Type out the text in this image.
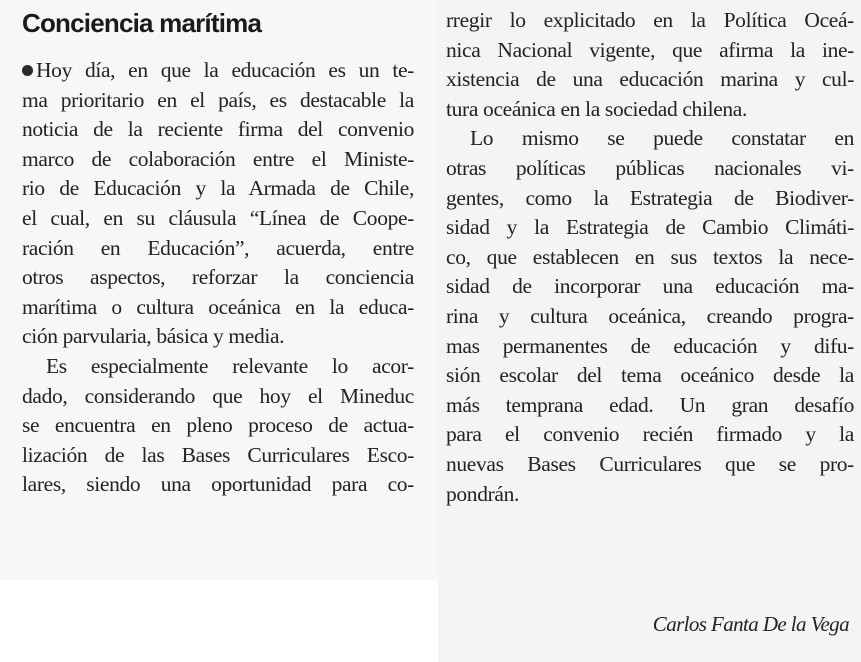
Conciencia marítima
Hoy día, en que la educación es un te-
ma prioritario en el país, es destacable la
noticia de la reciente firma del convenio
marco de colaboración entre el Ministe-
rio de Educación y la Armada de Chile,
el cual, en su cláusula “Línea de Coope-
ración en Educación”, acuerda, entre
otros aspectos, reforzar la conciencia
marítima o cultura oceánica en la educa-
ción parvularia, básica y media.
Es especialmente relevante lo acor-
dado, considerando que hoy el Mineduc
se encuentra en pleno proceso de actua-
lización de las Bases Curriculares Esco-
lares, siendo una oportunidad para co-
rregir lo explicitado en la Política Oceá-
nica Nacional vigente, que afirma la ine-
xistencia de una educación marina y cul-
tura oceánica en la sociedad chilena.
Lo mismo se puede constatar en
otras políticas públicas nacionales vi-
gentes, como la Estrategia de Biodiver-
sidad y la Estrategia de Cambio Climáti-
co, que establecen en sus textos la nece-
sidad de incorporar una educación ma-
rina y cultura oceánica, creando progra-
mas permanentes de educación y difu-
sión escolar del tema oceánico desde la
más temprana edad. Un gran desafío
para el convenio recién firmado y la
nuevas Bases Curriculares que se pro-
pondrán.
Carlos Fanta De la Vega
